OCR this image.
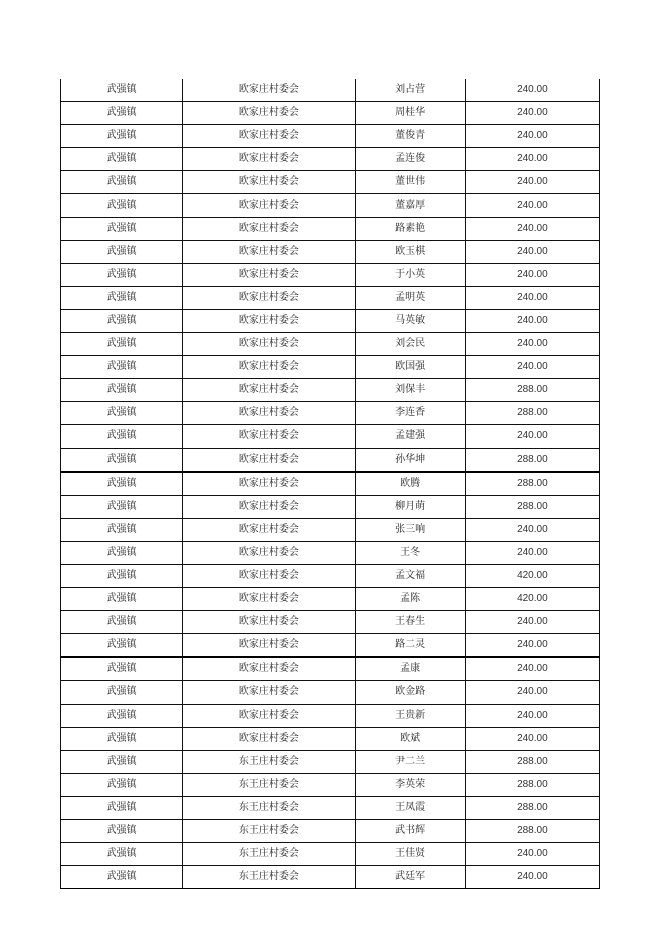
武强镇	欧家庄村委会	刘占营	240.00
武强镇	欧家庄村委会	周桂华	240.00
武强镇	欧家庄村委会	董俊青	240.00
武强镇	欧家庄村委会	孟连俊	240.00
武强镇	欧家庄村委会	董世伟	240.00
武强镇	欧家庄村委会	董嘉厚	240.00
武强镇	欧家庄村委会	路素艳	240.00
武强镇	欧家庄村委会	欧玉棋	240.00
武强镇	欧家庄村委会	于小英	240.00
武强镇	欧家庄村委会	孟明英	240.00
武强镇	欧家庄村委会	马英敏	240.00
武强镇	欧家庄村委会	刘会民	240.00
武强镇	欧家庄村委会	欧国强	240.00
武强镇	欧家庄村委会	刘保丰	288.00
武强镇	欧家庄村委会	李连香	288.00
武强镇	欧家庄村委会	孟建强	240.00
武强镇	欧家庄村委会	孙华坤	288.00
武强镇	欧家庄村委会	欧腾	288.00
武强镇	欧家庄村委会	柳月萌	288.00
武强镇	欧家庄村委会	张三响	240.00
武强镇	欧家庄村委会	王冬	240.00
武强镇	欧家庄村委会	孟文福	420.00
武强镇	欧家庄村委会	孟陈	420.00
武强镇	欧家庄村委会	王春生	240.00
武强镇	欧家庄村委会	路二灵	240.00
武强镇	欧家庄村委会	孟康	240.00
武强镇	欧家庄村委会	欧金路	240.00
武强镇	欧家庄村委会	王贵新	240.00
武强镇	欧家庄村委会	欧斌	240.00
武强镇	东王庄村委会	尹二兰	288.00
武强镇	东王庄村委会	李英荣	288.00
武强镇	东王庄村委会	王凤霞	288.00
武强镇	东王庄村委会	武书辉	288.00
武强镇	东王庄村委会	王佳贤	240.00
武强镇	东王庄村委会	武廷军	240.00
